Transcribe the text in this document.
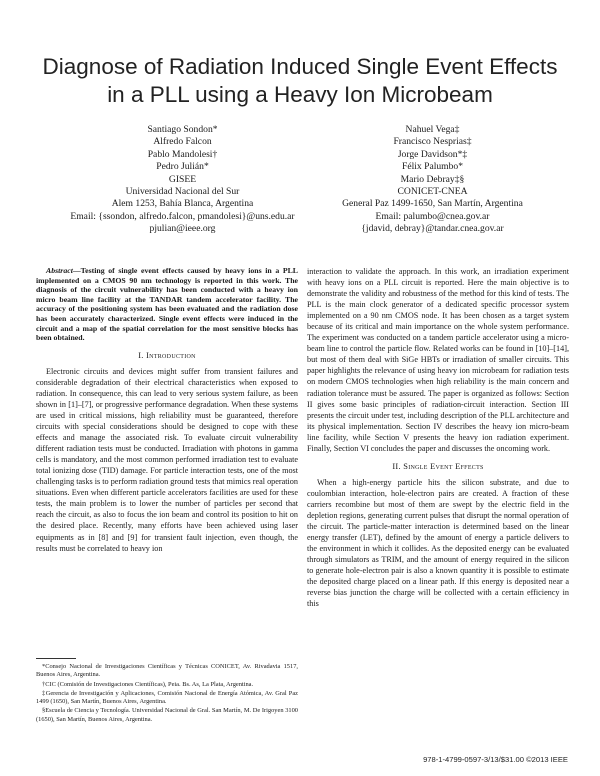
Diagnose of Radiation Induced Single Event Effects
in a PLL using a Heavy Ion Microbeam
Santiago Sondon*
Alfredo Falcon
Pablo Mandolesi†
Pedro Julián*
GISEE
Universidad Nacional del Sur
Alem 1253, Bahía Blanca, Argentina
Email: {ssondon, alfredo.falcon, pmandolesi}@uns.edu.ar
pjulian@ieee.org
Nahuel Vega‡
Francisco Nesprias‡
Jorge Davidson*‡
Félix Palumbo*
Mario Debray‡§
CONICET-CNEA
General Paz 1499-1650, San Martín, Argentina
Email: palumbo@cnea.gov.ar
{jdavid, debray}@tandar.cnea.gov.ar

Abstract—Testing of single event effects caused by heavy ions in a PLL implemented on a CMOS 90 nm technology is reported in this work. The diagnosis of the circuit vulnerability has been conducted with a heavy ion micro beam line facility at the TANDAR tandem accelerator facility. The accuracy of the positioning system has been evaluated and the radiation dose has been accurately characterized. Single event effects were induced in the circuit and a map of the spatial correlation for the most sensitive blocks has been obtained.

I. Introduction

Electronic circuits and devices might suffer from transient failures and considerable degradation of their electrical characteristics when exposed to radiation. In consequence, this can lead to very serious system failure, as been shown in [1]–[7], or progressive performance degradation. When these systems are used in critical missions, high reliability must be guaranteed, therefore circuits with special considerations should be designed to cope with these effects and manage the associated risk. To evaluate circuit vulnerability different radiation tests must be conducted. Irradiation with photons in gamma cells is mandatory, and the most common performed irradiation test to evaluate total ionizing dose (TID) damage. For particle interaction tests, one of the most challenging tasks is to perform radiation ground tests that mimics real operation situations. Even when different particle accelerators facilities are used for these tests, the main problem is to lower the number of particles per second that reach the circuit, as also to focus the ion beam and control its position to hit on the desired place. Recently, many efforts have been achieved using laser equipments as in [8] and [9] for transient fault injection, even though, the results must be correlated to heavy ion

*Consejo Nacional de Investigaciones Científicas y Técnicas CONICET, Av. Rivadavia 1517, Buenos Aires, Argentina.

†CIC (Comisión de Investigaciones Científicas), Peia. Bs. As, La Plata, Argentina.

‡Gerencia de Investigación y Aplicaciones, Comisión Nacional de Energía Atómica, Av. Gral Paz 1499 (1650), San Martín, Buenos Aires, Argentina.

§Escuela de Ciencia y Tecnología. Universidad Nacional de Gral. San Martín, M. De Irigoyen 3100 (1650), San Martín, Buenos Aires, Argentina.

interaction to validate the approach. In this work, an irradiation experiment with heavy ions on a PLL circuit is reported. Here the main objective is to demonstrate the validity and robustness of the method for this kind of tests. The PLL is the main clock generator of a dedicated specific processor system implemented on a 90 nm CMOS node. It has been chosen as a target system because of its critical and main importance on the whole system performance. The experiment was conducted on a tandem particle accelerator using a micro-beam line to control the particle flow. Related works can be found in [10]–[14], but most of them deal with SiGe HBTs or irradiation of smaller circuits. This paper highlights the relevance of using heavy ion microbeam for radiation tests on modern CMOS technologies when high reliability is the main concern and radiation tolerance must be assured. The paper is organized as follows: Section II gives some basic principles of radiation-circuit interaction. Section III presents the circuit under test, including description of the PLL architecture and its physical implementation. Section IV describes the heavy ion micro-beam line facility, while Section V presents the heavy ion radiation experiment. Finally, Section VI concludes the paper and discusses the oncoming work.

II. Single Event Effects

When a high-energy particle hits the silicon substrate, and due to coulombian interaction, hole-electron pairs are created. A fraction of these carriers recombine but most of them are swept by the electric field in the depletion regions, generating current pulses that disrupt the normal operation of the circuit. The particle-matter interaction is determined based on the linear energy transfer (LET), defined by the amount of energy a particle delivers to the environment in which it collides. As the deposited energy can be evaluated through simulators as TRIM, and the amount of energy required in the silicon to generate hole-electron pair is also a known quantity it is possible to estimate the deposited charge placed on a linear path. If this energy is deposited near a reverse bias junction the charge will be collected with a certain efficiency in this

978-1-4799-0597-3/13/$31.00 ©2013 IEEE
